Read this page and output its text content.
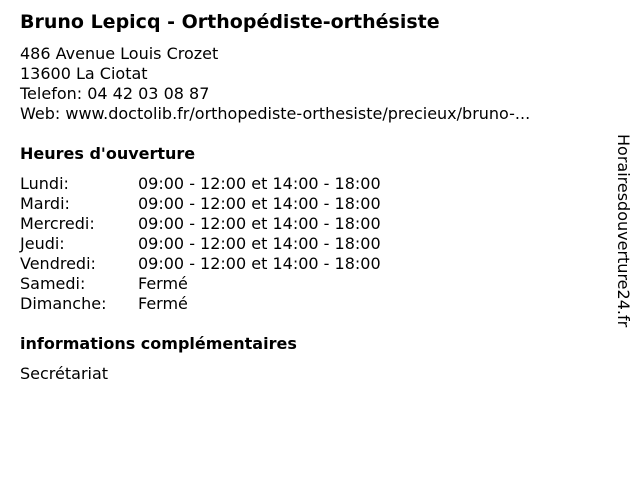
Bruno Lepicq - Orthopédiste-orthésiste
486 Avenue Louis Crozet
13600 La Ciotat
Telefon: 04 42 03 08 87
Web: www.doctolib.fr/orthopediste-orthesiste/precieux/bruno-...
Heures d'ouverture
Lundi:	09:00 - 12:00 et 14:00 - 18:00
Mardi:	09:00 - 12:00 et 14:00 - 18:00
Mercredi:	09:00 - 12:00 et 14:00 - 18:00
Jeudi:	09:00 - 12:00 et 14:00 - 18:00
Vendredi:	09:00 - 12:00 et 14:00 - 18:00
Samedi:	Fermé
Dimanche: Fermé
informations complémentaires
Secrétariat
Horairesdouverture24.fr
